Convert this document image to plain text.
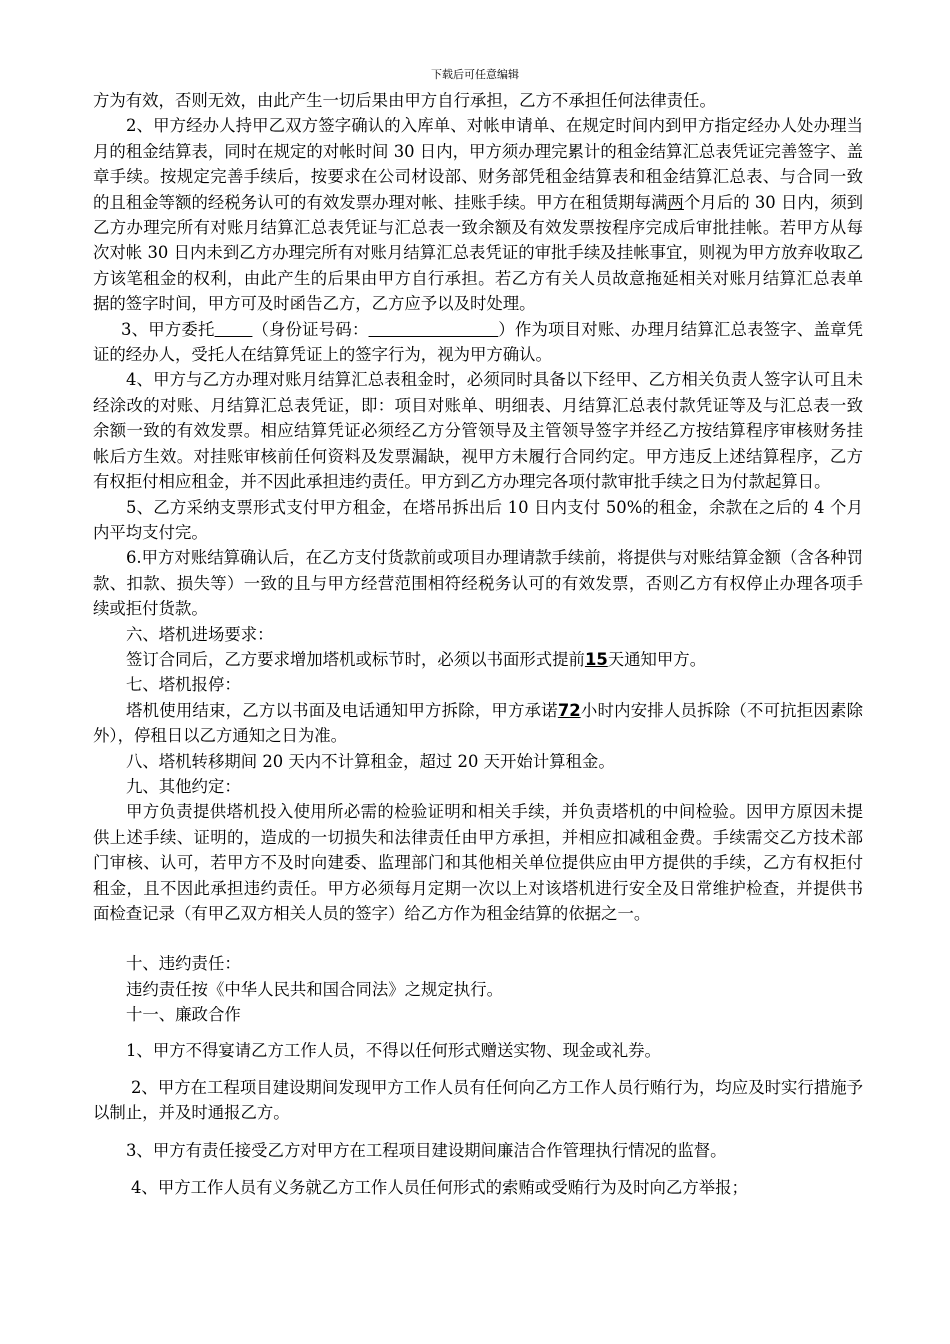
下载后可任意编辑

方为有效，否则无效，由此产生一切后果由甲方自行承担，乙方不承担任何法律责任。

2、甲方经办人持甲乙双方签字确认的入库单、对帐申请单、在规定时间内到甲方指定经办人处办理当月的租金结算表，同时在规定的对帐时间 30 日内，甲方须办理完累计的租金结算汇总表凭证完善签字、盖章手续。按规定完善手续后，按要求在公司材设部、财务部凭租金结算表和租金结算汇总表、与合同一致的且租金等额的经税务认可的有效发票办理对帐、挂账手续。甲方在租赁期每满两个月后的 30 日内，须到乙方办理完所有对账月结算汇总表凭证与汇总表一致余额及有效发票按程序完成后审批挂帐。若甲方从每次对帐 30 日内未到乙方办理完所有对账月结算汇总表凭证的审批手续及挂帐事宜，则视为甲方放弃收取乙方该笔租金的权利，由此产生的后果由甲方自行承担。若乙方有关人员故意拖延相关对账月结算汇总表单据的签字时间，甲方可及时函告乙方，乙方应予以及时处理。

3、甲方委托 （身份证号码：	）作为项目对账、办理月结算汇总表签字、盖章凭证的经办人，受托人在结算凭证上的签字行为，视为甲方确认。

4、甲方与乙方办理对账月结算汇总表租金时，必须同时具备以下经甲、乙方相关负责人签字认可且未经涂改的对账、月结算汇总表凭证，即：项目对账单、明细表、月结算汇总表付款凭证等及与汇总表一致余额一致的有效发票。相应结算凭证必须经乙方分管领导及主管领导签字并经乙方按结算程序审核财务挂帐后方生效。对挂账审核前任何资料及发票漏缺，视甲方未履行合同约定。甲方违反上述结算程序，乙方有权拒付相应租金，并不因此承担违约责任。甲方到乙方办理完各项付款审批手续之日为付款起算日。

5、乙方采纳支票形式支付甲方租金，在塔吊拆出后 10 日内支付 50%的租金，余款在之后的 4 个月内平均支付完。

6.甲方对账结算确认后，在乙方支付货款前或项目办理请款手续前，将提供与对账结算金额（含各种罚款、扣款、损失等）一致的且与甲方经营范围相符经税务认可的有效发票，否则乙方有权停止办理各项手续或拒付货款。

六、塔机进场要求：

签订合同后，乙方要求增加塔机或标节时，必须以书面形式提前15天通知甲方。

七、塔机报停：

塔机使用结束，乙方以书面及电话通知甲方拆除，甲方承诺72小时内安排人员拆除（不可抗拒因素除外），停租日以乙方通知之日为准。

八、塔机转移期间 20 天内不计算租金，超过 20 天开始计算租金。

九、其他约定：

甲方负责提供塔机投入使用所必需的检验证明和相关手续，并负责塔机的中间检验。因甲方原因未提供上述手续、证明的，造成的一切损失和法律责任由甲方承担，并相应扣减租金费。手续需交乙方技术部门审核、认可，若甲方不及时向建委、监理部门和其他相关单位提供应由甲方提供的手续，乙方有权拒付租金，且不因此承担违约责任。甲方必须每月定期一次以上对该塔机进行安全及日常维护检查，并提供书面检查记录（有甲乙双方相关人员的签字）给乙方作为租金结算的依据之一。

十、违约责任：

违约责任按《中华人民共和国合同法》之规定执行。

十一、廉政合作

1、甲方不得宴请乙方工作人员，不得以任何形式赠送实物、现金或礼券。

2、甲方在工程项目建设期间发现甲方工作人员有任何向乙方工作人员行贿行为，均应及时实行措施予以制止，并及时通报乙方。

3、甲方有责任接受乙方对甲方在工程项目建设期间廉洁合作管理执行情况的监督。

4、甲方工作人员有义务就乙方工作人员任何形式的索贿或受贿行为及时向乙方举报；
